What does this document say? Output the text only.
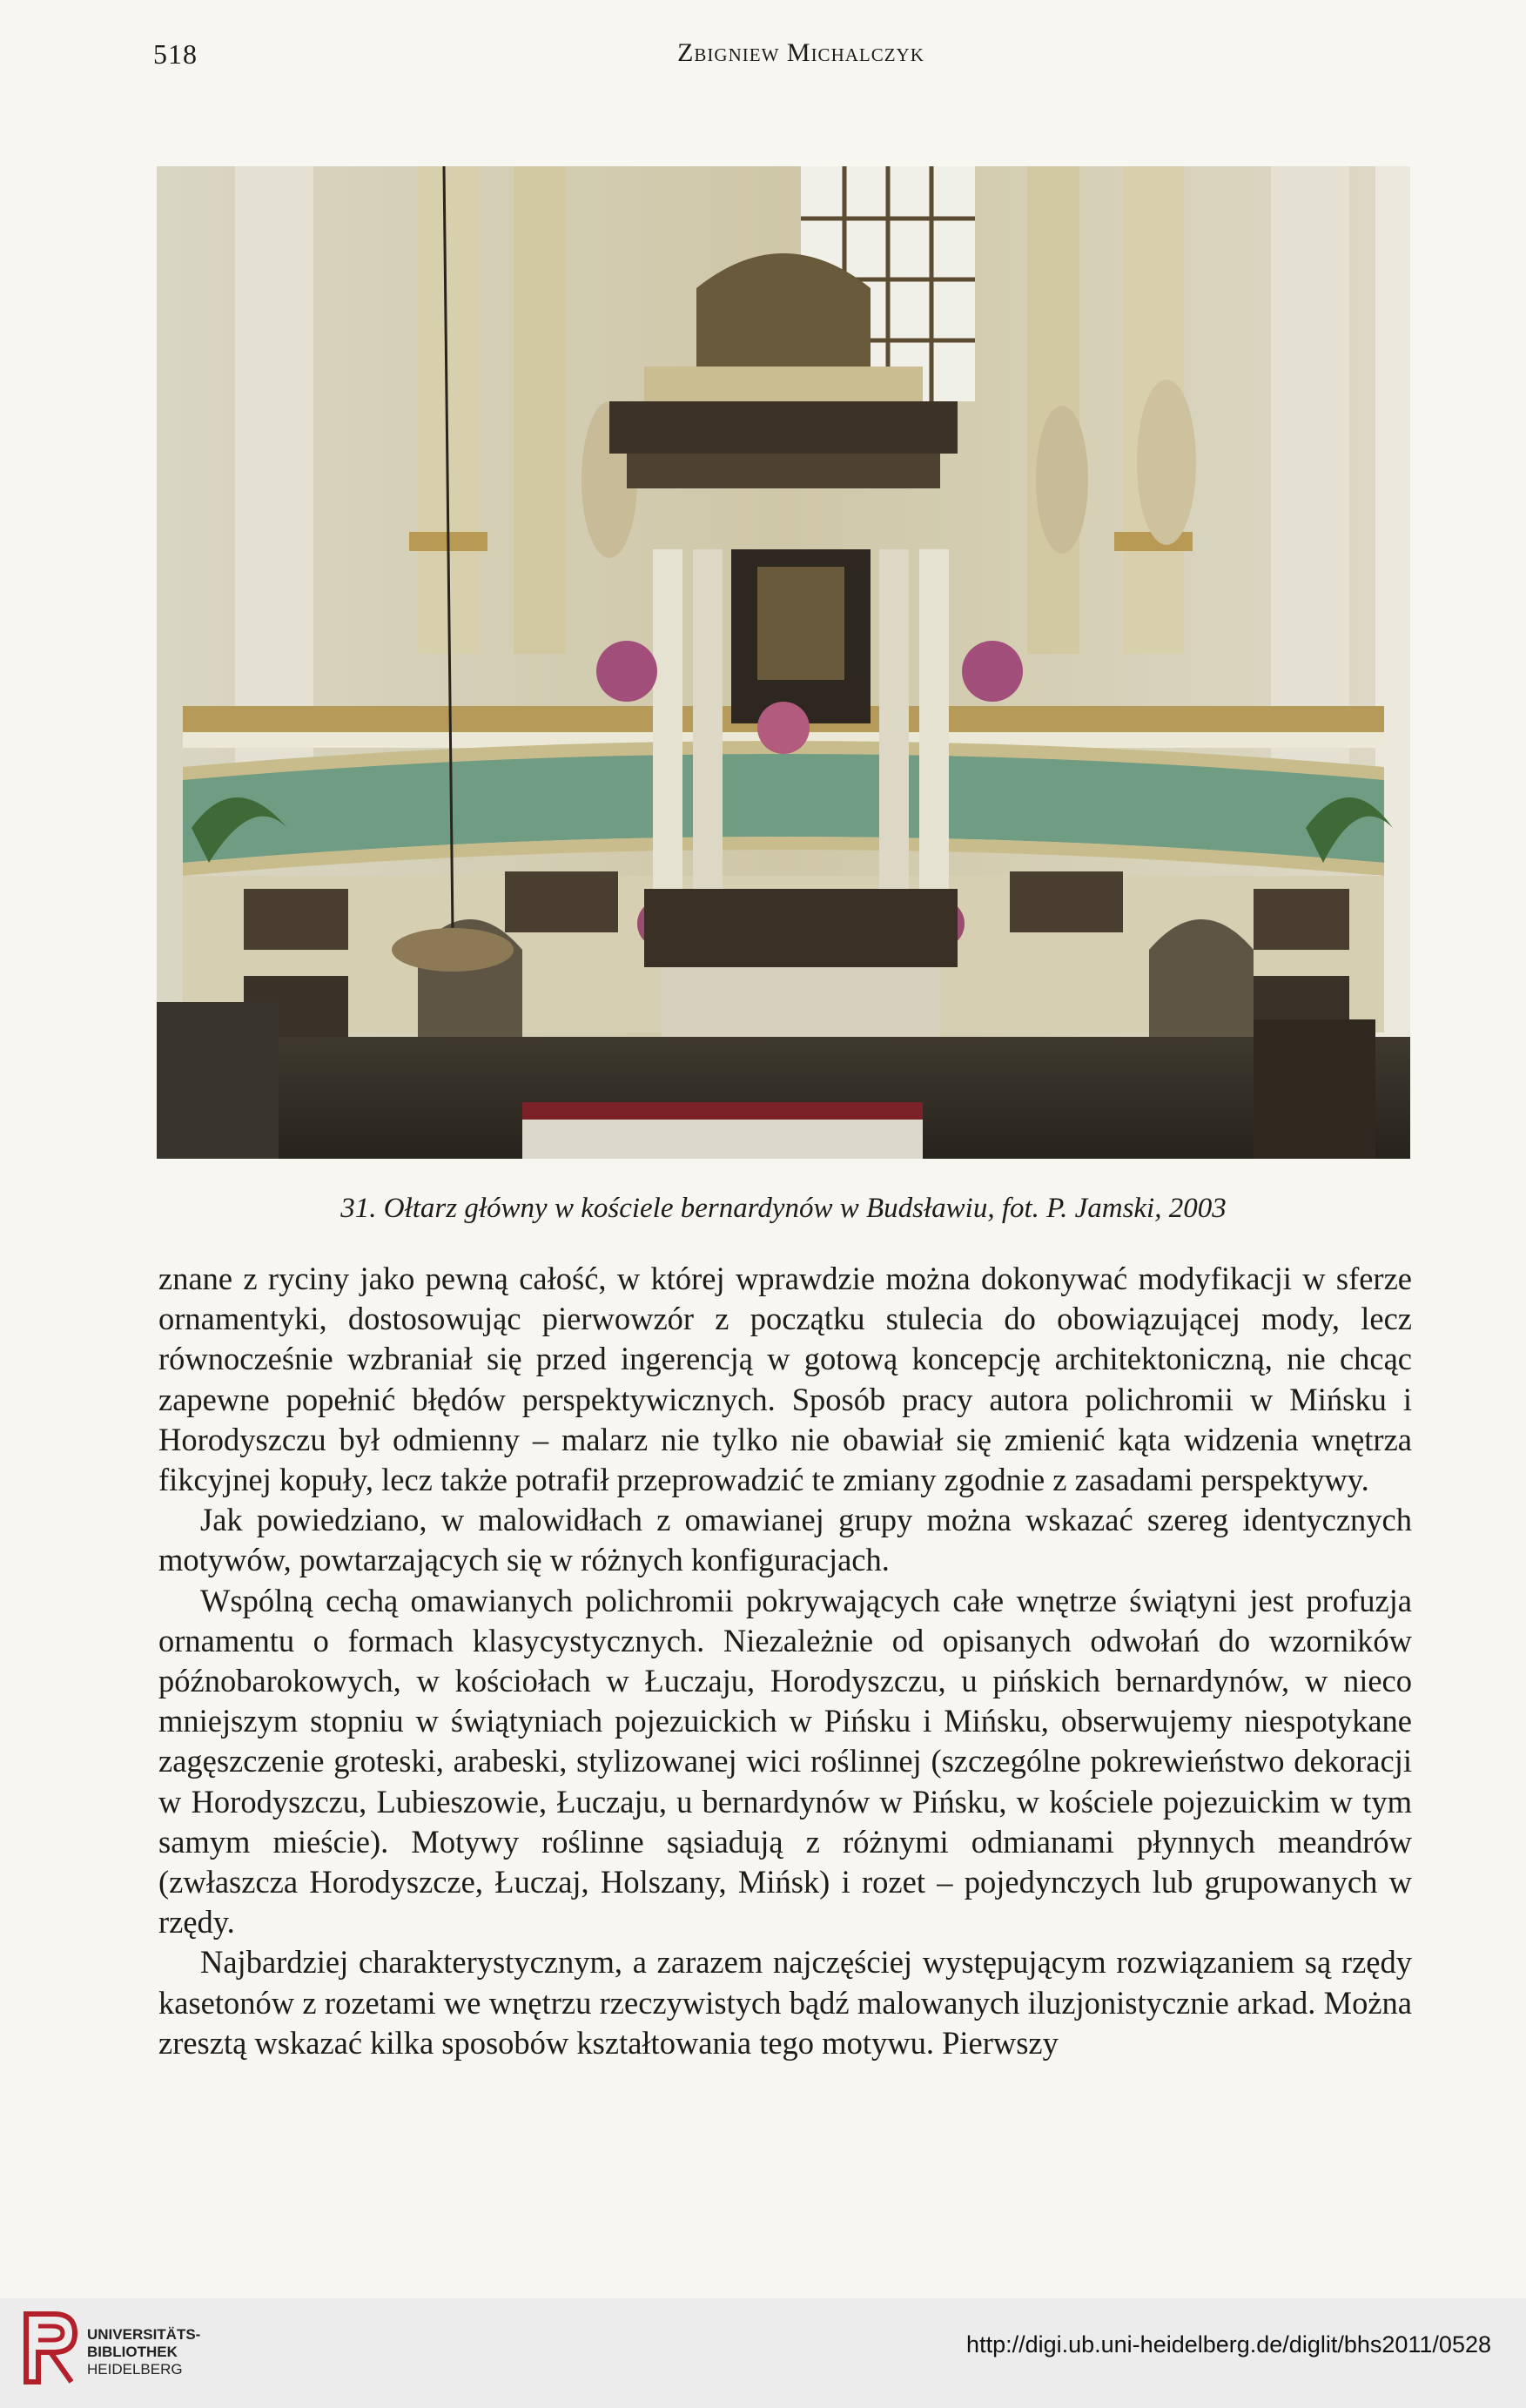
518	Zbigniew Michalczyk
31. Ołtarz główny w kościele bernardynów w Budsławiu, fot. P. Jamski, 2003

znane z ryciny jako pewną całość, w której wprawdzie można dokonywać modyfikacji w sferze ornamentyki, dostosowując pierwowzór z początku stulecia do obowiązującej mody, lecz równocześnie wzbraniał się przed ingerencją w gotową koncepcję architektoniczną, nie chcąc zapewne popełnić błędów perspektywicznych. Sposób pracy autora polichromii w Mińsku i Horodyszczu był odmienny – malarz nie tylko nie obawiał się zmienić kąta widzenia wnętrza fikcyjnej kopuły, lecz także potrafił przeprowadzić te zmiany zgodnie z zasadami perspektywy.

Jak powiedziano, w malowidłach z omawianej grupy można wskazać szereg identycznych motywów, powtarzających się w różnych konfiguracjach.

Wspólną cechą omawianych polichromii pokrywających całe wnętrze świątyni jest profuzja ornamentu o formach klasycystycznych. Niezależnie od opisanych odwołań do wzorników późnobarokowych, w kościołach w Łuczaju, Horodyszczu, u pińskich bernardynów, w nieco mniejszym stopniu w świątyniach pojezuickich w Pińsku i Mińsku, obserwujemy niespotykane zagęszczenie groteski, arabeski, stylizowanej wici roślinnej (szczególne pokrewieństwo dekoracji w Horodyszczu, Lubieszowie, Łuczaju, u bernardynów w Pińsku, w kościele pojezuickim w tym samym mieście). Motywy roślinne sąsiadują z różnymi odmianami płynnych meandrów (zwłaszcza Horodyszcze, Łuczaj, Holszany, Mińsk) i rozet – pojedynczych lub grupowanych w rzędy.

Najbardziej charakterystycznym, a zarazem najczęściej występującym rozwiązaniem są rzędy kasetonów z rozetami we wnętrzu rzeczywistych bądź malowanych iluzjonistycznie arkad. Można zresztą wskazać kilka sposobów kształtowania tego motywu. Pierwszy

UNIVERSITÄTS-
BIBLIOTHEK
HEIDELBERG
http://digi.ub.uni-heidelberg.de/diglit/bhs2011/0528
